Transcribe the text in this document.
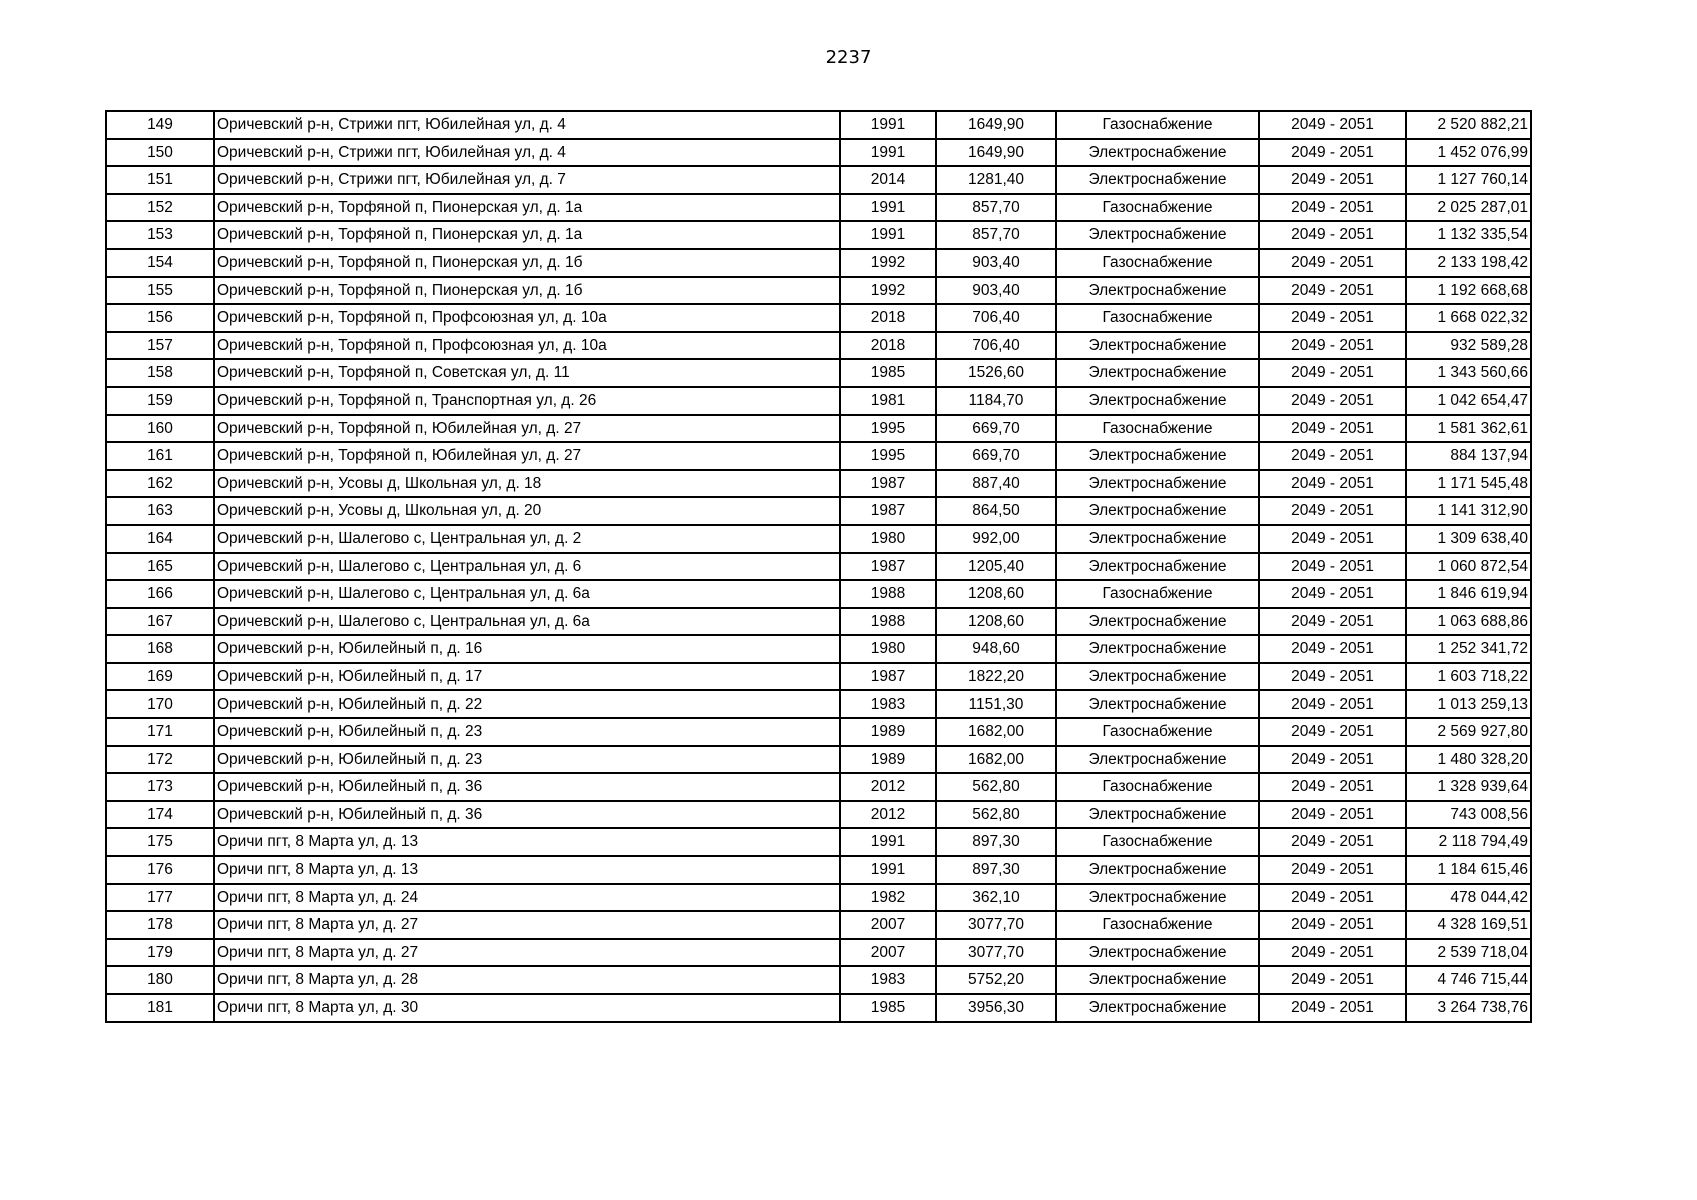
2237
149	Оричевский р-н, Стрижи пгт, Юбилейная ул, д. 4	1991	1649,90	Газоснабжение	2049 - 2051	2 520 882,21
150	Оричевский р-н, Стрижи пгт, Юбилейная ул, д. 4	1991	1649,90	Электроснабжение	2049 - 2051	1 452 076,99
151	Оричевский р-н, Стрижи пгт, Юбилейная ул, д. 7	2014	1281,40	Электроснабжение	2049 - 2051	1 127 760,14
152	Оричевский р-н, Торфяной п, Пионерская ул, д. 1а	1991	857,70	Газоснабжение	2049 - 2051	2 025 287,01
153	Оричевский р-н, Торфяной п, Пионерская ул, д. 1а	1991	857,70	Электроснабжение	2049 - 2051	1 132 335,54
154	Оричевский р-н, Торфяной п, Пионерская ул, д. 1б	1992	903,40	Газоснабжение	2049 - 2051	2 133 198,42
155	Оричевский р-н, Торфяной п, Пионерская ул, д. 1б	1992	903,40	Электроснабжение	2049 - 2051	1 192 668,68
156	Оричевский р-н, Торфяной п, Профсоюзная ул, д. 10а	2018	706,40	Газоснабжение	2049 - 2051	1 668 022,32
157	Оричевский р-н, Торфяной п, Профсоюзная ул, д. 10а	2018	706,40	Электроснабжение	2049 - 2051	932 589,28
158	Оричевский р-н, Торфяной п, Советская ул, д. 11	1985	1526,60	Электроснабжение	2049 - 2051	1 343 560,66
159	Оричевский р-н, Торфяной п, Транспортная ул, д. 26	1981	1184,70	Электроснабжение	2049 - 2051	1 042 654,47
160	Оричевский р-н, Торфяной п, Юбилейная ул, д. 27	1995	669,70	Газоснабжение	2049 - 2051	1 581 362,61
161	Оричевский р-н, Торфяной п, Юбилейная ул, д. 27	1995	669,70	Электроснабжение	2049 - 2051	884 137,94
162	Оричевский р-н, Усовы д, Школьная ул, д. 18	1987	887,40	Электроснабжение	2049 - 2051	1 171 545,48
163	Оричевский р-н, Усовы д, Школьная ул, д. 20	1987	864,50	Электроснабжение	2049 - 2051	1 141 312,90
164	Оричевский р-н, Шалегово с, Центральная ул, д. 2	1980	992,00	Электроснабжение	2049 - 2051	1 309 638,40
165	Оричевский р-н, Шалегово с, Центральная ул, д. 6	1987	1205,40	Электроснабжение	2049 - 2051	1 060 872,54
166	Оричевский р-н, Шалегово с, Центральная ул, д. 6а	1988	1208,60	Газоснабжение	2049 - 2051	1 846 619,94
167	Оричевский р-н, Шалегово с, Центральная ул, д. 6а	1988	1208,60	Электроснабжение	2049 - 2051	1 063 688,86
168	Оричевский р-н, Юбилейный п, д. 16	1980	948,60	Электроснабжение	2049 - 2051	1 252 341,72
169	Оричевский р-н, Юбилейный п, д. 17	1987	1822,20	Электроснабжение	2049 - 2051	1 603 718,22
170	Оричевский р-н, Юбилейный п, д. 22	1983	1151,30	Электроснабжение	2049 - 2051	1 013 259,13
171	Оричевский р-н, Юбилейный п, д. 23	1989	1682,00	Газоснабжение	2049 - 2051	2 569 927,80
172	Оричевский р-н, Юбилейный п, д. 23	1989	1682,00	Электроснабжение	2049 - 2051	1 480 328,20
173	Оричевский р-н, Юбилейный п, д. 36	2012	562,80	Газоснабжение	2049 - 2051	1 328 939,64
174	Оричевский р-н, Юбилейный п, д. 36	2012	562,80	Электроснабжение	2049 - 2051	743 008,56
175	Оричи пгт, 8 Марта ул, д. 13	1991	897,30	Газоснабжение	2049 - 2051	2 118 794,49
176	Оричи пгт, 8 Марта ул, д. 13	1991	897,30	Электроснабжение	2049 - 2051	1 184 615,46
177	Оричи пгт, 8 Марта ул, д. 24	1982	362,10	Электроснабжение	2049 - 2051	478 044,42
178	Оричи пгт, 8 Марта ул, д. 27	2007	3077,70	Газоснабжение	2049 - 2051	4 328 169,51
179	Оричи пгт, 8 Марта ул, д. 27	2007	3077,70	Электроснабжение	2049 - 2051	2 539 718,04
180	Оричи пгт, 8 Марта ул, д. 28	1983	5752,20	Электроснабжение	2049 - 2051	4 746 715,44
181	Оричи пгт, 8 Марта ул, д. 30	1985	3956,30	Электроснабжение	2049 - 2051	3 264 738,76
